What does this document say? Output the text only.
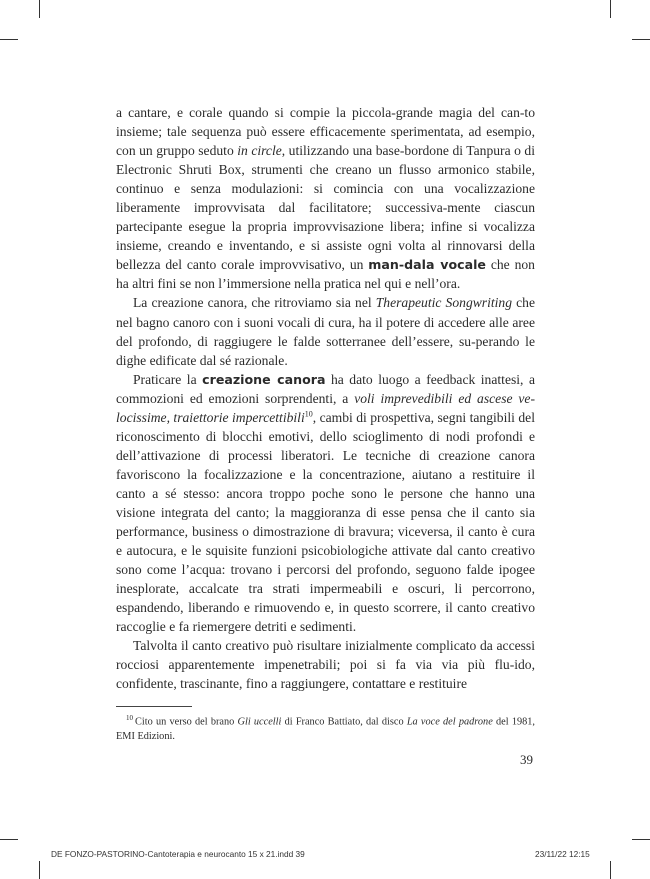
a cantare, e corale quando si compie la piccola-grande magia del can-to insieme; tale sequenza può essere efficacemente sperimentata, ad esempio, con un gruppo seduto in circle, utilizzando una base-bordone di Tanpura o di Electronic Shruti Box, strumenti che creano un flusso armonico stabile, continuo e senza modulazioni: si comincia con una vocalizzazione liberamente improvvisata dal facilitatore; successiva-mente ciascun partecipante esegue la propria improvvisazione libera; infine si vocalizza insieme, creando e inventando, e si assiste ogni volta al rinnovarsi della bellezza del canto corale improvvisativo, un man-dala vocale che non ha altri fini se non l’immersione nella pratica nel qui e nell’ora.

La creazione canora, che ritroviamo sia nel Therapeutic Songwriting che nel bagno canoro con i suoni vocali di cura, ha il potere di accedere alle aree del profondo, di raggiugere le falde sotterranee dell’essere, su-perando le dighe edificate dal sé razionale.

Praticare la creazione canora ha dato luogo a feedback inattesi, a commozioni ed emozioni sorprendenti, a voli imprevedibili ed ascese ve-locissime, traiettorie impercettibili$^{10}$, cambi di prospettiva, segni tangibili del riconoscimento di blocchi emotivi, dello scioglimento di nodi profondi e dell’attivazione di processi liberatori. Le tecniche di creazione canora favoriscono la focalizzazione e la concentrazione, aiutano a restituire il canto a sé stesso: ancora troppo poche sono le persone che hanno una visione integrata del canto; la maggioranza di esse pensa che il canto sia performance, business o dimostrazione di bravura; viceversa, il canto è cura e autocura, e le squisite funzioni psicobiologiche attivate dal canto creativo sono come l’acqua: trovano i percorsi del profondo, seguono falde ipogee inesplorate, accalcate tra strati impermeabili e oscuri, li percorrono, espandendo, liberando e rimuovendo e, in questo scorrere, il canto creativo raccoglie e fa riemergere detriti e sedimenti.

Talvolta il canto creativo può risultare inizialmente complicato da accessi rocciosi apparentemente impenetrabili; poi si fa via via più flu-ido, confidente, trascinante, fino a raggiungere, contattare e restituire

$^{10}$ Cito un verso del brano Gli uccelli di Franco Battiato, dal disco La voce del padrone del 1981, EMI Edizioni.
39
DE FONZO-PASTORINO-Cantoterapia e neurocanto 15 x 21.indd 39	23/11/22 12:15
